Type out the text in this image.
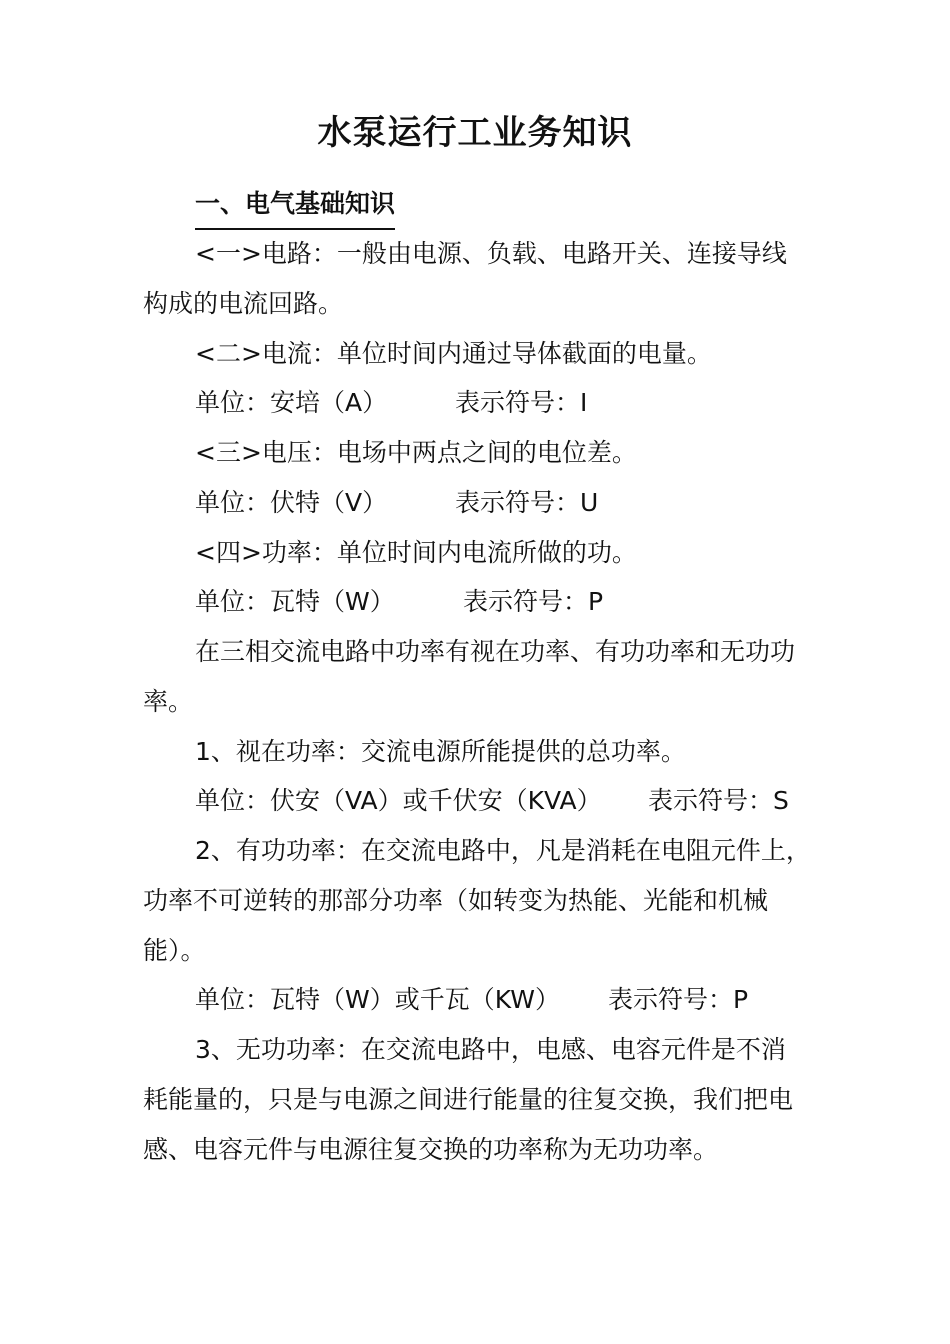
水泵运行工业务知识
一、电气基础知识
<一>电路：一般由电源、负载、电路开关、连接导线
构成的电流回路。
<二>电流：单位时间内通过导体截面的电量。
单位：安培（A）	表示符号：I
<三>电压：电场中两点之间的电位差。
单位：伏特（V）	表示符号：U
<四>功率：单位时间内电流所做的功。
单位：瓦特（W）	表示符号：P
在三相交流电路中功率有视在功率、有功功率和无功功
率。
1、视在功率：交流电源所能提供的总功率。
单位：伏安（VA）或千伏安（KVA） 表示符号：S
2、有功功率：在交流电路中，凡是消耗在电阻元件上，
功率不可逆转的那部分功率（如转变为热能、光能和机械
能）。
单位：瓦特（W）或千瓦（KW） 表示符号：P
3、无功功率：在交流电路中，电感、电容元件是不消
耗能量的，只是与电源之间进行能量的往复交换，我们把电
感、电容元件与电源往复交换的功率称为无功功率。
